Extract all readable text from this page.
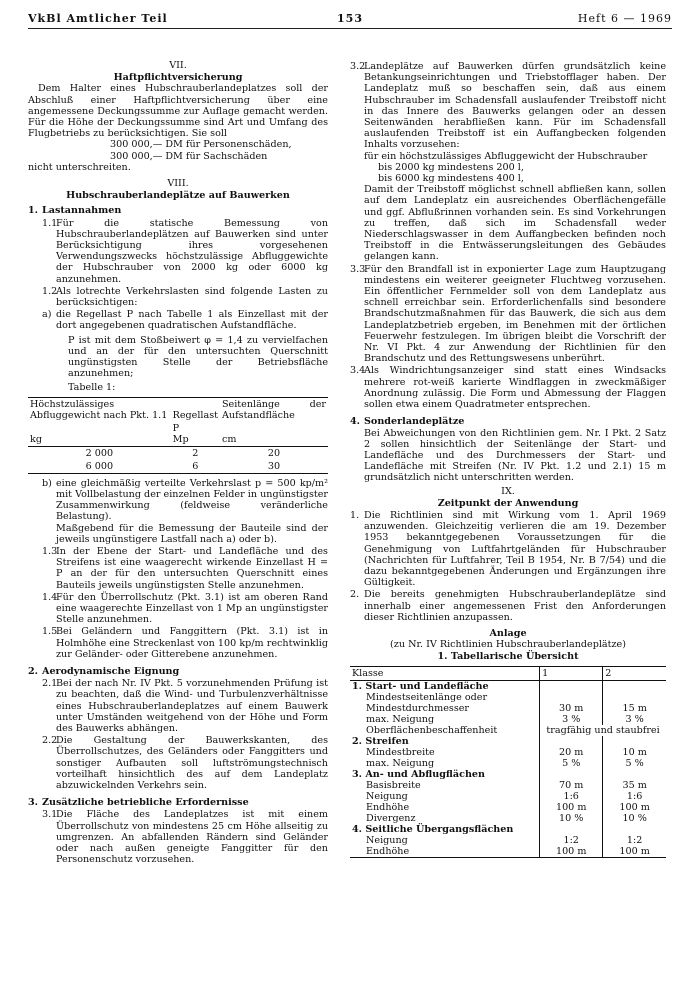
VkBl Amtlicher Teil	153	Heft 6 — 1969

VII.

Haftpflichtversicherung

Dem Halter eines Hubschrauberlandeplatzes soll der Abschluß einer Haftpflichtversicherung über eine angemessene Deckungssumme zur Auflage gemacht werden. Für die Höhe der Deckungssumme sind Art und Umfang des Flugbetriebs zu berücksichtigen. Sie soll

300 000,— DM für Personenschäden,

300 000,— DM für Sachschäden

nicht unterschreiten.

VIII.

Hubschrauberlandeplätze auf Bauwerken

1. Lastannahmen
1.1
Für die statische Bemessung von Hubschrauberlandeplätzen auf Bauwerken sind unter Berücksichtigung ihres vorgesehenen Verwendungszwecks höchstzulässige Abfluggewichte der Hubschrauber von 2000 kg oder 6000 kg anzunehmen.
1.2
Als lotrechte Verkehrslasten sind folgende Lasten zu berücksichtigen:
a) die Regellast P nach Tabelle 1 als Einzellast mit der dort angegebenen quadratischen Aufstandfläche.

P ist mit dem Stoßbeiwert φ = 1,4 zu vervielfachen und an der für den untersuchten Querschnitt ungünstigsten Stelle der Betriebsfläche anzunehmen;

Tabelle 1:

Höchstzulässiges Abfluggewicht nach Pkt. 1.1	Regellast	Seitenlänge der Aufstandfläche
kg	P
Mp	cm
2 000	2	20
6 000	6	30
b) eine gleichmäßig verteilte Verkehrslast p = 500 kp/m² mit Vollbelastung der einzelnen Felder in ungünstigster Zusammenwirkung (feldweise veränderliche Belastung).

Maßgebend für die Bemessung der Bauteile sind der jeweils ungünstigere Lastfall nach a) oder b).

1.3
In der Ebene der Start- und Landefläche und des Streifens ist eine waagerecht wirkende Einzellast H = P an der für den untersuchten Querschnitt eines Bauteils jeweils ungünstigsten Stelle anzunehmen.
1.4
Für den Überrollschutz (Pkt. 3.1) ist am oberen Rand eine waagerechte Einzellast von 1 Mp an ungünstigster Stelle anzunehmen.
1.5
Bei Geländern und Fanggittern (Pkt. 3.1) ist in Holmhöhe eine Streckenlast von 100 kp/m rechtwinklig zur Geländer- oder Gitterebene anzunehmen.
2. Aerodynamische Eignung
2.1
Bei der nach Nr. IV Pkt. 5 vorzunehmenden Prüfung ist zu beachten, daß die Wind- und Turbulenzverhältnisse eines Hubschrauberlandeplatzes auf einem Bauwerk unter Umständen weitgehend von der Höhe und Form des Bauwerks abhängen.
2.2
Die Gestaltung der Bauwerkskanten, des Überrollschutzes, des Geländers oder Fanggitters und sonstiger Aufbauten soll luftströmungstechnisch vorteilhaft hinsichtlich des auf dem Landeplatz abzuwickelnden Verkehrs sein.
3. Zusätzliche betriebliche Erfordernisse
3.1
Die Fläche des Landeplatzes ist mit einem Überrollschutz von mindestens 25 cm Höhe allseitig zu umgrenzen. An abfallenden Rändern sind Geländer oder nach außen geneigte Fanggitter für den Personenschutz vorzusehen.
3.2
Landeplätze auf Bauwerken dürfen grundsätzlich keine Betankungseinrichtungen und Triebstofflager haben. Der Landeplatz muß so beschaffen sein, daß aus einem Hubschrauber im Schadensfall auslaufender Treibstoff nicht in das Innere des Bauwerks gelangen oder an dessen Seitenwänden herabfließen kann. Für im Schadensfall auslaufenden Treibstoff ist ein Auffangbecken folgenden Inhalts vorzusehen:

für ein höchstzulässiges Abfluggewicht der Hubschrauber

bis 2000 kg mindestens 200 l,

bis 6000 kg mindestens 400 l,

Damit der Treibstoff möglichst schnell abfließen kann, sollen auf dem Landeplatz ein ausreichendes Oberflächengefälle und ggf. Abflußrinnen vorhanden sein. Es sind Vorkehrungen zu treffen, daß sich im Schadensfall weder Niederschlagswasser in dem Auffangbecken befinden noch Treibstoff in die Entwässerungsleitungen des Gebäudes gelangen kann.

3.3
Für den Brandfall ist in exponierter Lage zum Hauptzugang mindestens ein weiterer geeigneter Fluchtweg vorzusehen. Ein öffentlicher Fernmelder soll von dem Landeplatz aus schnell erreichbar sein. Erforderlichenfalls sind besondere Brandschutzmaßnahmen für das Bauwerk, die sich aus dem Landeplatzbetrieb ergeben, im Benehmen mit der örtlichen Feuerwehr festzulegen. Im übrigen bleibt die Vorschrift der Nr. VI Pkt. 4 zur Anwendung der Richtlinien für den Brandschutz und des Rettungswesens unberührt.
3.4
Als Windrichtungsanzeiger sind statt eines Windsacks mehrere rot-weiß karierte Windflaggen in zweckmäßiger Anordnung zulässig. Die Form und Abmessung der Flaggen sollen etwa einem Quadratmeter entsprechen.
4. Sonderlandeplätze

Bei Abweichungen von den Richtlinien gem. Nr. I Pkt. 2 Satz 2 sollen hinsichtlich der Seitenlänge der Start- und Landefläche und des Durchmessers der Start- und Landefläche mit Streifen (Nr. IV Pkt. 1.2 und 2.1) 15 m grundsätzlich nicht unterschritten werden.

IX.

Zeitpunkt der Anwendung

1. Die Richtlinien sind mit Wirkung vom 1. April 1969 anzuwenden. Gleichzeitig verlieren die am 19. Dezember 1953 bekanntgegebenen Voraussetzungen für die Genehmigung von Luftfahrtgeländen für Hubschrauber (Nachrichten für Luftfahrer, Teil B 1954, Nr. B 7/54) und die dazu bekanntgegebenen Änderungen und Ergänzungen ihre Gültigkeit.
2. Die bereits genehmigten Hubschrauberlandeplätze sind innerhalb einer angemessenen Frist den Anforderungen dieser Richtlinien anzupassen.

Anlage

(zu Nr. IV Richtlinien Hubschrauberlandeplätze)

1. Tabellarische Übersicht

Klasse	1	2
1. Start- und Landefläche		
Mindestseitenlänge oder		
Mindestdurchmesser	30 m	15 m
max. Neigung	3 %	3 %
Oberflächenbeschaffenheit	tragfähig und staubfrei	
2. Streifen		
Mindestbreite	20 m	10 m
max. Neigung	5 %	5 %
3. An- und Abflugflächen		
Basisbreite	70 m	35 m
Neigung	1:6	1:6
Endhöhe	100 m	100 m
Divergenz	10 %	10 %
4. Seitliche Übergangsflächen		
Neigung	1:2	1:2
Endhöhe	100 m	100 m
